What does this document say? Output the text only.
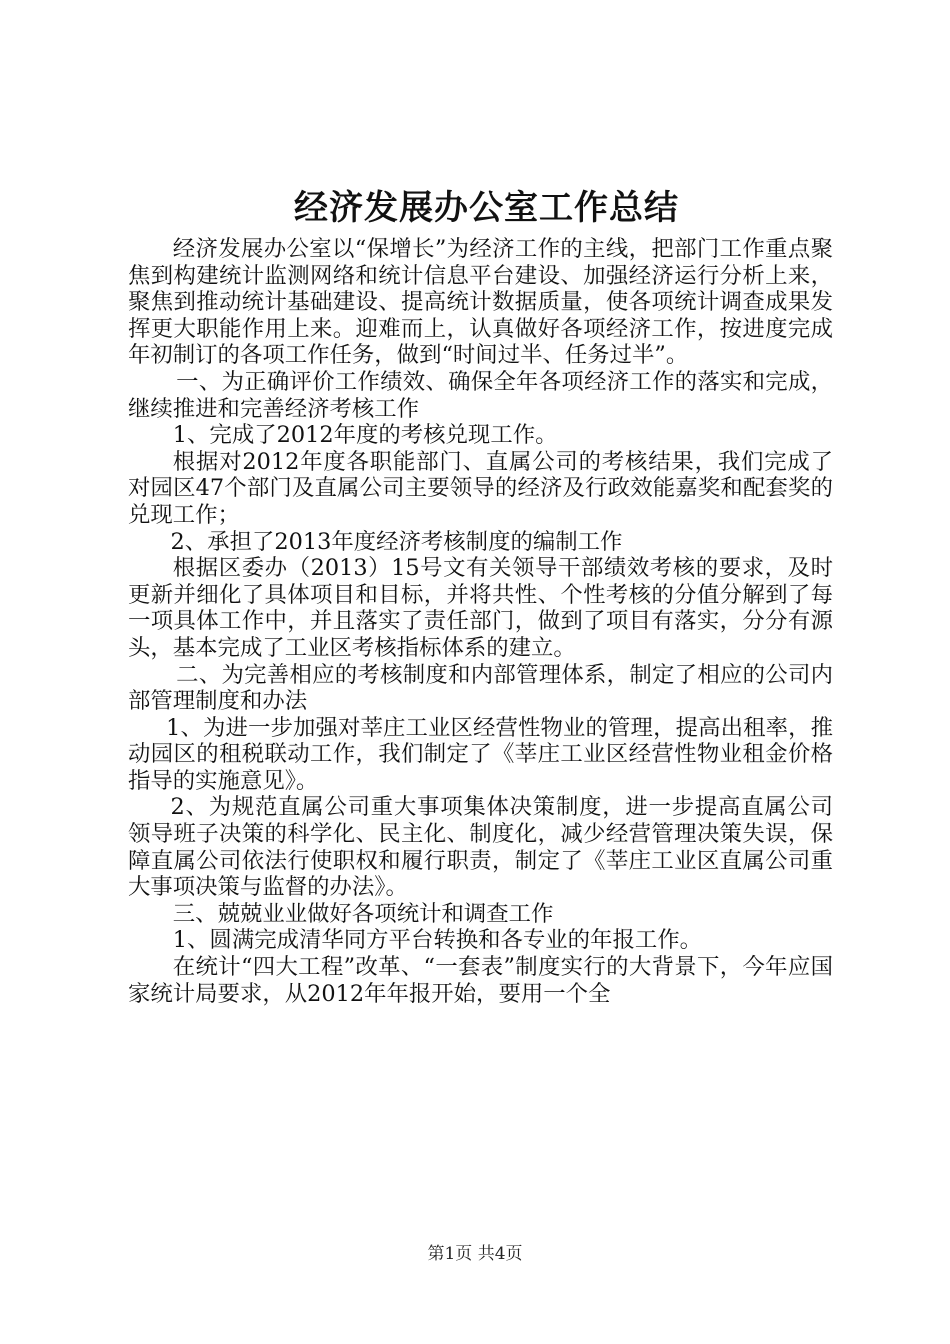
经济发展办公室工作总结

经济发展办公室以“保增长”为经济工作的主线，把部门工作重点聚焦到构建统计监测网络和统计信息平台建设、加强经济运行分析上来，聚焦到推动统计基础建设、提高统计数据质量，使各项统计调查成果发挥更大职能作用上来。迎难而上，认真做好各项经济工作，按进度完成年初制订的各项工作任务，做到“时间过半、任务过半”。

一、为正确评价工作绩效、确保全年各项经济工作的落实和完成，继续推进和完善经济考核工作

1、完成了2012年度的考核兑现工作。

根据对2012年度各职能部门、直属公司的考核结果，我们完成了对园区47个部门及直属公司主要领导的经济及行政效能嘉奖和配套奖的兑现工作；

2、承担了2013年度经济考核制度的编制工作

根据区委办（2013）15号文有关领导干部绩效考核的要求，及时更新并细化了具体项目和目标，并将共性、个性考核的分值分解到了每一项具体工作中，并且落实了责任部门，做到了项目有落实，分分有源头，基本完成了工业区考核指标体系的建立。

二、为完善相应的考核制度和内部管理体系，制定了相应的公司内部管理制度和办法

1、为进一步加强对莘庄工业区经营性物业的管理，提高出租率，推动园区的租税联动工作，我们制定了《莘庄工业区经营性物业租金价格指导的实施意见》。

2、为规范直属公司重大事项集体决策制度，进一步提高直属公司领导班子决策的科学化、民主化、制度化，减少经营管理决策失误，保障直属公司依法行使职权和履行职责，制定了《莘庄工业区直属公司重大事项决策与监督的办法》。

三、兢兢业业做好各项统计和调查工作

1、圆满完成清华同方平台转换和各专业的年报工作。

在统计“四大工程”改革、“一套表”制度实行的大背景下，今年应国家统计局要求，从2012年年报开始，要用一个全

第1页 共4页
